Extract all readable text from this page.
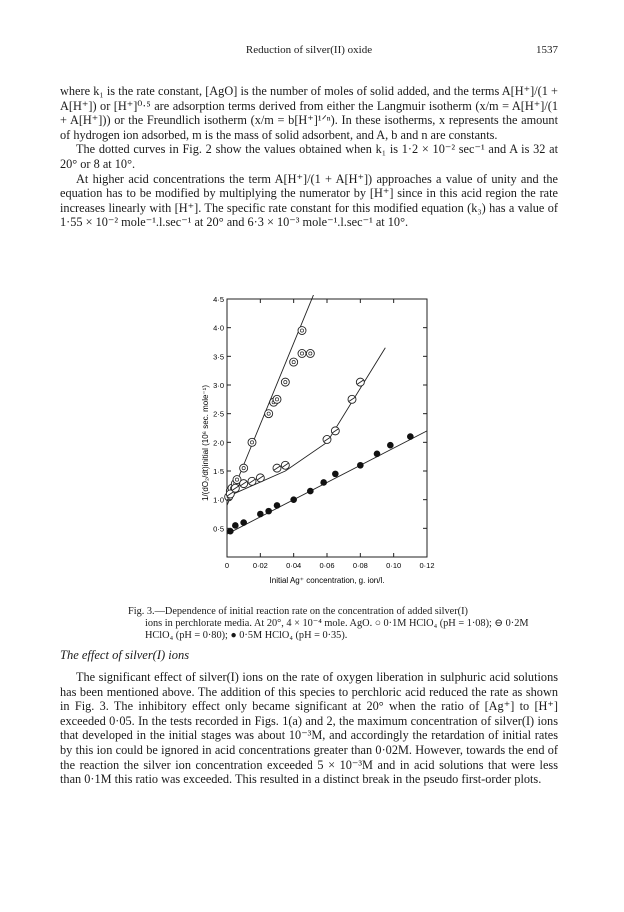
Reduction of silver(II) oxide	1537

where k₁ is the rate constant, [AgO] is the number of moles of solid added, and the terms A[H⁺]/(1 + A[H⁺]) or [H⁺]⁰·⁵ are adsorption terms derived from either the Langmuir isotherm (x/m = A[H⁺]/(1 + A[H⁺])) or the Freundlich isotherm (x/m = b[H⁺]¹ᐟⁿ). In these isotherms, x represents the amount of hydrogen ion adsorbed, m is the mass of solid adsorbent, and A, b and n are constants.

The dotted curves in Fig. 2 show the values obtained when k₁ is 1·2 × 10⁻² sec⁻¹ and A is 32 at 20° or 8 at 10°.

At higher acid concentrations the term A[H⁺]/(1 + A[H⁺]) approaches a value of unity and the equation has to be modified by multiplying the numerator by [H⁺] since in this acid region the rate increases linearly with [H⁺]. The specific rate constant for this modified equation (k₃) has a value of 1·55 × 10⁻² mole⁻¹.l.sec⁻¹ at 20° and 6·3 × 10⁻³ mole⁻¹.l.sec⁻¹ at 10°.

0	0·02 0·04 0·06 0·08 0·10 0·12
0·5
1·0
1·5
2·0
2·5
3·0
3·5
4·0
4·5
1/(dO₂/dt)initial (10⁶ sec. mole⁻¹)
Initial Ag⁺ concentration, g. ion/l.
Fig. 3.—Dependence of initial reaction rate on the concentration of added silver(I)
ions in perchlorate media. At 20°, 4 × 10⁻⁴ mole. AgO. ○ 0·1M HClO₄ (pH = 1·08); ⊖ 0·2M HClO₄ (pH = 0·80); ● 0·5M HClO₄ (pH = 0·35).
The effect of silver(I) ions

The significant effect of silver(I) ions on the rate of oxygen liberation in sulphuric acid solutions has been mentioned above. The addition of this species to perchloric acid reduced the rate as shown in Fig. 3. The inhibitory effect only became significant at 20° when the ratio of [Ag⁺] to [H⁺] exceeded 0·05. In the tests recorded in Figs. 1(a) and 2, the maximum concentration of silver(I) ions that developed in the initial stages was about 10⁻³M, and accordingly the retardation of initial rates by this ion could be ignored in acid concentrations greater than 0·02M. However, towards the end of the reaction the silver ion concentration exceeded 5 × 10⁻³M and in acid solutions that were less than 0·1M this ratio was exceeded. This resulted in a distinct break in the pseudo first-order plots.
